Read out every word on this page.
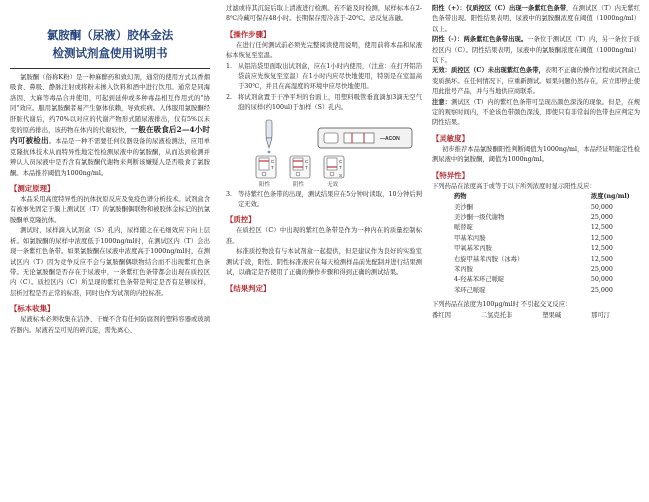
氯胺酮（尿液）胶体金法
检测试剂盒使用说明书
氯胺酮（俗称K粉）是一种麻醉药和致幻剂，通常的使用方式以香烟吸食、鼻吸、静脉注射或将粉末掺入饮料和酒中进行饮用。通常是同海洛因、大麻等毒品合并使用，可起到延伸或多种毒品相互作用式的"协同"效应。服用氯胺酮者易产生躯体依赖，导致疾病。人体服用氯胺酮经肝脏代谢后，约70%以对应的代谢产物形式随尿液排出，仅有5%以未变的原药排出，该药物在体内的代谢较快，一般在吸食后2—4小时内可被检出。本品是一种不需要任何仪器设备的尿液检测法，应用单克隆抗体技术从而特异性地定性检测尿液中的氯胺酮，从而达到检测并辨认人员尿液中是否含有氯胺酮代谢物来判断该嫌疑人是否吸食了氯胺酮。本品推荐阈值为1000ng/ml。
【测定原理】
本品采用高度特异性的抗体抗原反应及免疫色谱分析技术。试剂盒含有被事先固定于膜上测试区（T）的氯胺酮偶联物和被胶体金标记的抗氯胺酮单克隆抗体。
测试时，尿样滴入试剂盒（S）孔内，尿样随之在毛细效应下向上层析。如氯胺酮的尿样中浓度低于1000ng/ml时，在测试区内（T）会出现一条紫红色条带。如果氯胺酮在尿液中浓度高于1000ng/ml时，在测试区内（T）因为竞争反应不会与氯胺酮偶联物结合而不出现紫红色条带。无论氯胺酮是否存在于尿液中，一条紫红色条带都会出现在质控区内（C）。质控区内（C）所呈现的紫红色条带是判定是否有足够尿样，层析过程是否正常的标准，同时也作为试剂的内控标准。
【标本收集】
尿液标本必须收集在洁净、干燥不含有任何防腐剂的塑料容器或玻璃容器内。尿液若呈可见的碎沉淀，需先离心、
过滤或待其沉淀后取上清液进行检测。若不能及时检测，尿样标本在2-8℃冷藏可保存48小时。长期保存需冷冻于-20℃。忌反复冻融。
【操作步骤】
在进行任何测试前必须先完整阅读使用说明，使用前将本品和尿液标本恢复至室温。
1. 从铝箔袋里面取出试剂盒，应在1小时内使用，（注意：在打开铝箔袋前应先恢复至室温）在1小时内应尽快地使用，特别是在室温高于30℃，并且在高湿度的环境中应尽快地使用。
2. 将试剂盒置于干净平坦的台面上，用塑料吸管垂直滴加3滴无空气泡的尿样(约100ul)于加样（S）孔内。
—ACON
C
T
C
T
C
T
S
阳性	阴性	无效
3. 等待紫红色条带的出现，测试结果应在5分钟时读取，10分钟后判定无效。
【质控】
在质控区（C）中出现的紫红色条带是作为一种内在的质量控制标准。
标准质控物没有与本试剂盒一起提供，但是建议作为良好的实验室测试手段，阳性、阴性标准液应在每天检测样品前先配制并进行结果测试，以确定是否使用了正确的操作步骤和得到正确的测试结果。
【结果判定】
阳性（+）：仅质控区（C）出现一条紫红色条带，在测试区（T）内无紫红色条带出现。阳性结果表明，尿液中的氯胺酮浓度在阈值（1000ng/ml）以上。
阴性（-）：两条紫红色条带出现。一条位于测试区（T）内，另一条位于质控区内（C）。阴性结果表明，尿液中的氯胺酮浓度在阈值（1000ng/ml）以下。
无效：质控区（C）未出现紫红色条带，表明不正确的操作过程或试剂盒已变质损坏。在任何情况下，应重新测试。如果问题仍然存在，应立即停止使用此批号产品，并与当地供应商联系。
注意：测试区（T）内的紫红色条带可呈现出颜色深浅的现象。但是，在规定的观察时间内，不论该色带颜色深浅，即使只有非常弱的色带也应判定为阴性结果。
【灵敏度】
初步推荐本品氯胺酮阳性判断阈值为1000ng/ml，本品经证明能定性检测尿液中的氯胺酮，阈值为1000ng/ml。
【特异性】
下列药品在浓度高于或等于以下所列浓度时显示阳性反应：
药物	浓度(ng/ml)
美沙酮	50,000
美沙酮一级代谢物	25,000
哌替啶	12,500
甲基苯丙胺	12,500
甲氧基苯丙胺	12,500
右旋甲基苯丙胺（冰毒）	12,500
苯丙胺	25,000
4-羟基苯环己哌啶	50,000
苯环己哌啶	25,000
下列药品在浓度为100μg/ml时 不引起交叉反应：
番红因	二氢克托非	塑果碱	那可汀
